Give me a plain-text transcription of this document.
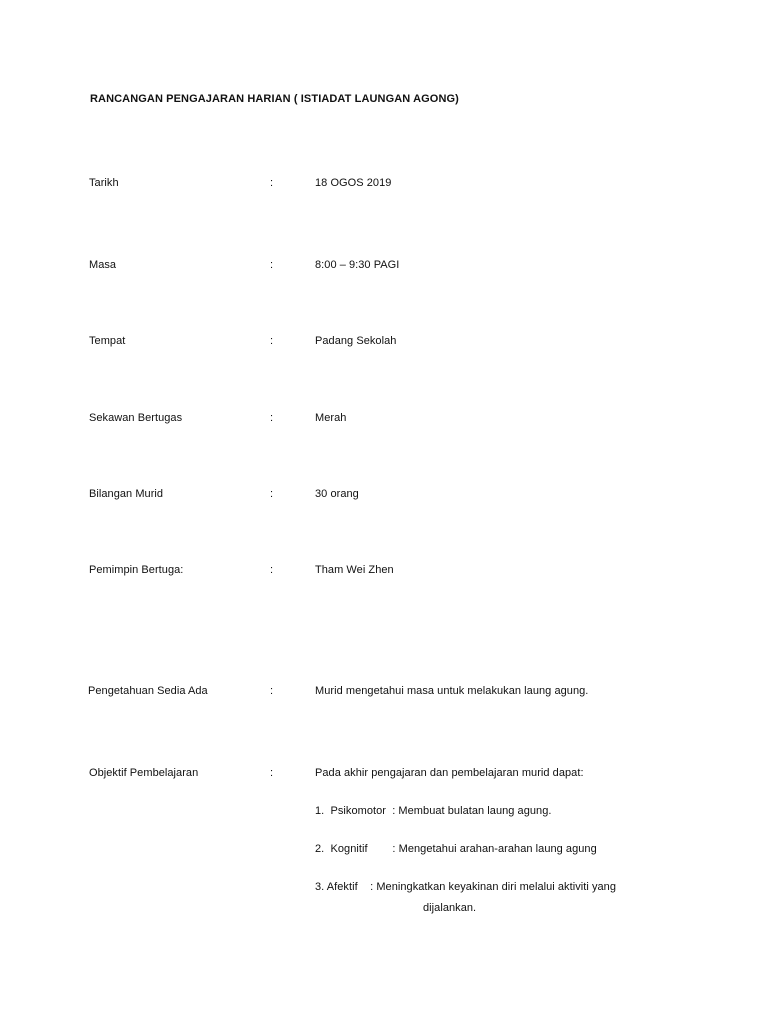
RANCANGAN PENGAJARAN HARIAN ( ISTIADAT LAUNGAN AGONG)
Tarikh	:	18 OGOS 2019
Masa	:	8:00 – 9:30 PAGI
Tempat	:	Padang Sekolah
Sekawan Bertugas	:	Merah
Bilangan Murid	:	30 orang
Pemimpin Bertuga:	:	Tham Wei Zhen
Pengetahuan Sedia Ada	:	Murid mengetahui masa untuk melakukan laung agung.
Objektif Pembelajaran	:	Pada akhir pengajaran dan pembelajaran murid dapat:
1.  Psikomotor  : Membuat bulatan laung agung.
2.  Kognitif        : Mengetahui arahan-arahan laung agung
3. Afektif    : Meningkatkan keyakinan diri melalui aktiviti yang
dijalankan.
